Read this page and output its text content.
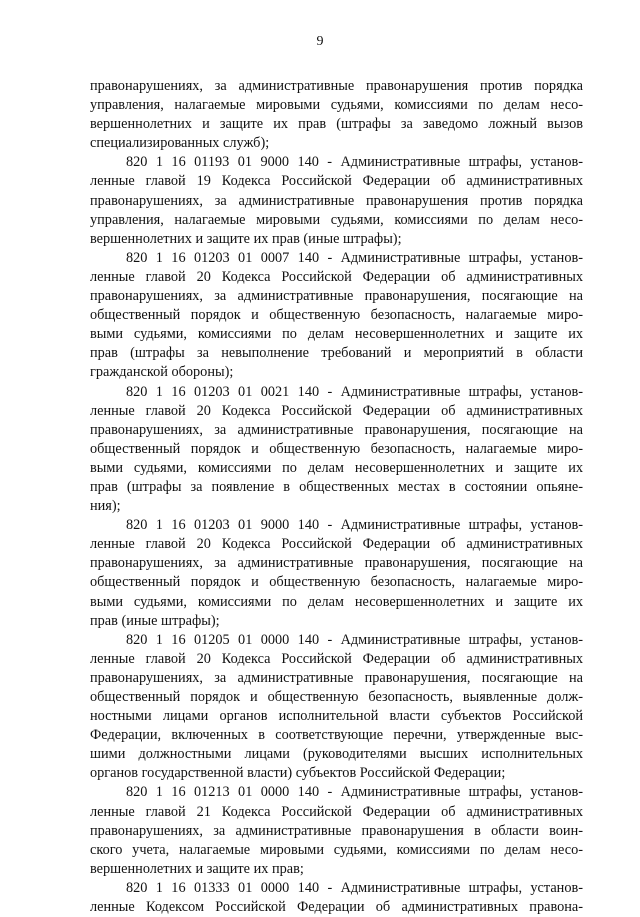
9
правонарушениях, за административные правонарушения против порядка
управления, налагаемые мировыми судьями, комиссиями по делам несо-
вершеннолетних и защите их прав (штрафы за заведомо ложный вызов
специализированных служб);
820 1 16 01193 01 9000 140 - Административные штрафы, установ-
ленные главой 19 Кодекса Российской Федерации об административных
правонарушениях, за административные правонарушения против порядка
управления, налагаемые мировыми судьями, комиссиями по делам несо-
вершеннолетних и защите их прав (иные штрафы);
820 1 16 01203 01 0007 140 - Административные штрафы, установ-
ленные главой 20 Кодекса Российской Федерации об административных
правонарушениях, за административные правонарушения, посягающие на
общественный порядок и общественную безопасность, налагаемые миро-
выми судьями, комиссиями по делам несовершеннолетних и защите их
прав (штрафы за невыполнение требований и мероприятий в области
гражданской обороны);
820 1 16 01203 01 0021 140 - Административные штрафы, установ-
ленные главой 20 Кодекса Российской Федерации об административных
правонарушениях, за административные правонарушения, посягающие на
общественный порядок и общественную безопасность, налагаемые миро-
выми судьями, комиссиями по делам несовершеннолетних и защите их
прав (штрафы за появление в общественных местах в состоянии опьяне-
ния);
820 1 16 01203 01 9000 140 - Административные штрафы, установ-
ленные главой 20 Кодекса Российской Федерации об административных
правонарушениях, за административные правонарушения, посягающие на
общественный порядок и общественную безопасность, налагаемые миро-
выми судьями, комиссиями по делам несовершеннолетних и защите их
прав (иные штрафы);
820 1 16 01205 01 0000 140 - Административные штрафы, установ-
ленные главой 20 Кодекса Российской Федерации об административных
правонарушениях, за административные правонарушения, посягающие на
общественный порядок и общественную безопасность, выявленные долж-
ностными лицами органов исполнительной власти субъектов Российской
Федерации, включенных в соответствующие перечни, утвержденные выс-
шими должностными лицами (руководителями высших исполнительных
органов государственной власти) субъектов Российской Федерации;
820 1 16 01213 01 0000 140 - Административные штрафы, установ-
ленные главой 21 Кодекса Российской Федерации об административных
правонарушениях, за административные правонарушения в области воин-
ского учета, налагаемые мировыми судьями, комиссиями по делам несо-
вершеннолетних и защите их прав;
820 1 16 01333 01 0000 140 - Административные штрафы, установ-
ленные Кодексом Российской Федерации об административных правона-
